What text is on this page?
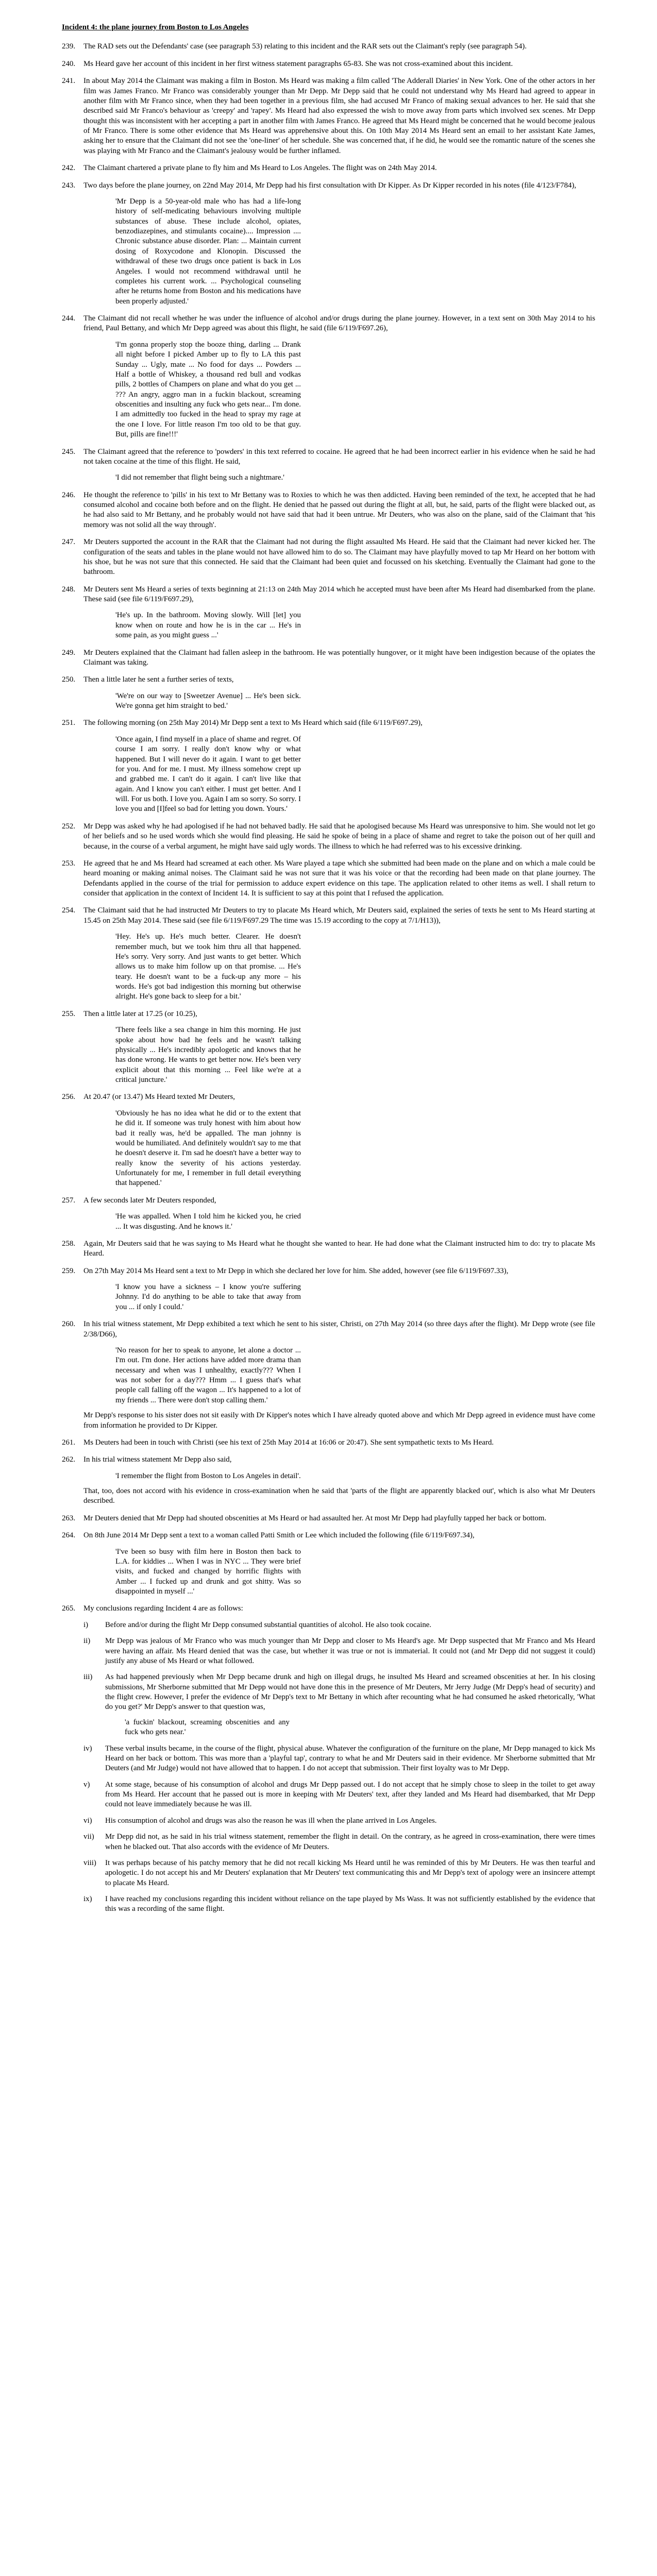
Incident 4: the plane journey from Boston to Los Angeles
239.	The RAD sets out the Defendants' case (see paragraph 53) relating to this incident and the RAR sets out the Claimant's reply (see paragraph 54).

240.	Ms Heard gave her account of this incident in her first witness statement paragraphs 65-83. She was not cross-examined about this incident.

241.	In about May 2014 the Claimant was making a film in Boston. Ms Heard was making a film called 'The Adderall Diaries' in New York. One of the other actors in her film was James Franco. Mr Franco was considerably younger than Mr Depp. Mr Depp said that he could not understand why Ms Heard had agreed to appear in another film with Mr Franco since, when they had been together in a previous film, she had accused Mr Franco of making sexual advances to her. He said that she described said Mr Franco's behaviour as 'creepy' and 'rapey'. Ms Heard had also expressed the wish to move away from parts which involved sex scenes. Mr Depp thought this was inconsistent with her accepting a part in another film with James Franco. He agreed that Ms Heard might be concerned that he would become jealous of Mr Franco. There is some other evidence that Ms Heard was apprehensive about this. On 10th May 2014 Ms Heard sent an email to her assistant Kate James, asking her to ensure that the Claimant did not see the 'one-liner' of her schedule. She was concerned that, if he did, he would see the romantic nature of the scenes she was playing with Mr Franco and the Claimant's jealousy would be further inflamed.

242.	The Claimant chartered a private plane to fly him and Ms Heard to Los Angeles. The flight was on 24th May 2014.

243.	Two days before the plane journey, on 22nd May 2014, Mr Depp had his first consultation with Dr Kipper. As Dr Kipper recorded in his notes (file 4/123/F784),

'Mr Depp is a 50-year-old male who has had a life-long history of self-medicating behaviours involving multiple substances of abuse. These include alcohol, opiates, benzodiazepines, and stimulants cocaine).... Impression .... Chronic substance abuse disorder. Plan: ... Maintain current dosing of Roxycodone and Klonopin. Discussed the withdrawal of these two drugs once patient is back in Los Angeles. I would not recommend withdrawal until he completes his current work. ... Psychological counseling after he returns home from Boston and his medications have been properly adjusted.'
244.	The Claimant did not recall whether he was under the influence of alcohol and/or drugs during the plane journey. However, in a text sent on 30th May 2014 to his friend, Paul Bettany, and which Mr Depp agreed was about this flight, he said (file 6/119/F697.26),

'I'm gonna properly stop the booze thing, darling ... Drank all night before I picked Amber up to fly to LA this past Sunday ... Ugly, mate ... No food for days ... Powders ... Half a bottle of Whiskey, a thousand red bull and vodkas pills, 2 bottles of Champers on plane and what do you get ... ??? An angry, aggro man in a fuckin blackout, screaming obscenities and insulting any fuck who gets near... I'm done. I am admittedly too fucked in the head to spray my rage at the one I love. For little reason I'm too old to be that guy. But, pills are fine!!!'
245.	The Claimant agreed that the reference to 'powders' in this text referred to cocaine. He agreed that he had been incorrect earlier in his evidence when he said he had not taken cocaine at the time of this flight. He said,

'I did not remember that flight being such a nightmare.'
246.	He thought the reference to 'pills' in his text to Mr Bettany was to Roxies to which he was then addicted. Having been reminded of the text, he accepted that he had consumed alcohol and cocaine both before and on the flight. He denied that he passed out during the flight at all, but, he said, parts of the flight were blacked out, as he had also said to Mr Bettany, and he probably would not have said that had it been untrue. Mr Deuters, who was also on the plane, said of the Claimant that 'his memory was not solid all the way through'.

247.	Mr Deuters supported the account in the RAR that the Claimant had not during the flight assaulted Ms Heard. He said that the Claimant had never kicked her. The configuration of the seats and tables in the plane would not have allowed him to do so. The Claimant may have playfully moved to tap Mr Heard on her bottom with his shoe, but he was not sure that this connected. He said that the Claimant had been quiet and focussed on his sketching. Eventually the Claimant had gone to the bathroom.

248.	Mr Deuters sent Ms Heard a series of texts beginning at 21:13 on 24th May 2014 which he accepted must have been after Ms Heard had disembarked from the plane. These said (see file 6/119/F697.29),

'He's up. In the bathroom. Moving slowly. Will [let] you know when on route and how he is in the car ... He's in some pain, as you might guess ...'
249.	Mr Deuters explained that the Claimant had fallen asleep in the bathroom. He was potentially hungover, or it might have been indigestion because of the opiates the Claimant was taking.

250.	Then a little later he sent a further series of texts,

'We're on our way to [Sweetzer Avenue] ... He's been sick. We're gonna get him straight to bed.'
251.	The following morning (on 25th May 2014) Mr Depp sent a text to Ms Heard which said (file 6/119/F697.29),

'Once again, I find myself in a place of shame and regret. Of course I am sorry. I really don't know why or what happened. But I will never do it again. I want to get better for you. And for me. I must. My illness somehow crept up and grabbed me. I can't do it again. I can't live like that again. And I know you can't either. I must get better. And I will. For us both. I love you. Again I am so sorry. So sorry. I love you and [I]feel so bad for letting you down. Yours.'
252.	Mr Depp was asked why he had apologised if he had not behaved badly. He said that he apologised because Ms Heard was unresponsive to him. She would not let go of her beliefs and so he used words which she would find pleasing. He said he spoke of being in a place of shame and regret to take the poison out of her quill and because, in the course of a verbal argument, he might have said ugly words. The illness to which he had referred was to his excessive drinking.

253.	He agreed that he and Ms Heard had screamed at each other. Ms Ware played a tape which she submitted had been made on the plane and on which a male could be heard moaning or making animal noises. The Claimant said he was not sure that it was his voice or that the recording had been made on that plane journey. The Defendants applied in the course of the trial for permission to adduce expert evidence on this tape. The application related to other items as well. I shall return to consider that application in the context of Incident 14. It is sufficient to say at this point that I refused the application.

254.	The Claimant said that he had instructed Mr Deuters to try to placate Ms Heard which, Mr Deuters said, explained the series of texts he sent to Ms Heard starting at 15.45 on 25th May 2014. These said (see file 6/119/F697.29 The time was 15.19 according to the copy at 7/1/H13)),

'Hey. He's up. He's much better. Clearer. He doesn't remember much, but we took him thru all that happened. He's sorry. Very sorry. And just wants to get better. Which allows us to make him follow up on that promise. ... He's teary. He doesn't want to be a fuck-up any more – his words. He's got bad indigestion this morning but otherwise alright. He's gone back to sleep for a bit.'
255.	Then a little later at 17.25 (or 10.25),

'There feels like a sea change in him this morning. He just spoke about how bad he feels and he wasn't talking physically ... He's incredibly apologetic and knows that he has done wrong. He wants to get better now. He's been very explicit about that this morning ... Feel like we're at a critical juncture.'
256.	At 20.47 (or 13.47) Ms Heard texted Mr Deuters,

'Obviously he has no idea what he did or to the extent that he did it. If someone was truly honest with him about how bad it really was, he'd be appalled. The man johnny is would be humiliated. And definitely wouldn't say to me that he doesn't deserve it. I'm sad he doesn't have a better way to really know the severity of his actions yesterday. Unfortunately for me, I remember in full detail everything that happened.'
257.	A few seconds later Mr Deuters responded,

'He was appalled. When I told him he kicked you, he cried ... It was disgusting. And he knows it.'
258.	Again, Mr Deuters said that he was saying to Ms Heard what he thought she wanted to hear. He had done what the Claimant instructed him to do: try to placate Ms Heard.

259.	On 27th May 2014 Ms Heard sent a text to Mr Depp in which she declared her love for him. She added, however (see file 6/119/F697.33),

'I know you have a sickness – I know you're suffering Johnny. I'd do anything to be able to take that away from you ... if only I could.'
260.	In his trial witness statement, Mr Depp exhibited a text which he sent to his sister, Christi, on 27th May 2014 (so three days after the flight). Mr Depp wrote (see file 2/38/D66),

'No reason for her to speak to anyone, let alone a doctor ... I'm out. I'm done. Her actions have added more drama than necessary and when was I unhealthy, exactly??? When I was not sober for a day??? Hmm ... I guess that's what people call falling off the wagon ... It's happened to a lot of my friends ... There were don't stop calling them.'
Mr Depp's response to his sister does not sit easily with Dr Kipper's notes which I have already quoted above and which Mr Depp agreed in evidence must have come from information he provided to Dr Kipper.
261.	Ms Deuters had been in touch with Christi (see his text of 25th May 2014 at 16:06 or 20:47). She sent sympathetic texts to Ms Heard.

262.	In his trial witness statement Mr Depp also said,

'I remember the flight from Boston to Los Angeles in detail'.
That, too, does not accord with his evidence in cross-examination when he said that 'parts of the flight are apparently blacked out', which is also what Mr Deuters described.
263.	Mr Deuters denied that Mr Depp had shouted obscenities at Ms Heard or had assaulted her. At most Mr Depp had playfully tapped her back or bottom.

264.	On 8th June 2014 Mr Depp sent a text to a woman called Patti Smith or Lee which included the following (file 6/119/F697.34),

'I've been so busy with film here in Boston then back to L.A. for kiddies ... When I was in NYC ... They were brief visits, and fucked and changed by horrific flights with Amber ... I fucked up and drunk and got shitty. Was so disappointed in myself ...'
265.	My conclusions regarding Incident 4 are as follows:

i)	Before and/or during the flight Mr Depp consumed substantial quantities of alcohol. He also took cocaine.
ii)	Mr Depp was jealous of Mr Franco who was much younger than Mr Depp and closer to Ms Heard's age. Mr Depp suspected that Mr Franco and Ms Heard were having an affair. Ms Heard denied that was the case, but whether it was true or not is immaterial. It could not (and Mr Depp did not suggest it could) justify any abuse of Ms Heard or what followed.
iii)	As had happened previously when Mr Depp became drunk and high on illegal drugs, he insulted Ms Heard and screamed obscenities at her. In his closing submissions, Mr Sherborne submitted that Mr Depp would not have done this in the presence of Mr Deuters, Mr Jerry Judge (Mr Depp's head of security) and the flight crew. However, I prefer the evidence of Mr Depp's text to Mr Bettany in which after recounting what he had consumed he asked rhetorically, 'What do you get?' Mr Depp's answer to that question was,
'a fuckin' blackout, screaming obscenities and any fuck who gets near.'
iv)	These verbal insults became, in the course of the flight, physical abuse. Whatever the configuration of the furniture on the plane, Mr Depp managed to kick Ms Heard on her back or bottom. This was more than a 'playful tap', contrary to what he and Mr Deuters said in their evidence. Mr Sherborne submitted that Mr Deuters (and Mr Judge) would not have allowed that to happen. I do not accept that submission. Their first loyalty was to Mr Depp.
v)	At some stage, because of his consumption of alcohol and drugs Mr Depp passed out. I do not accept that he simply chose to sleep in the toilet to get away from Ms Heard. Her account that he passed out is more in keeping with Mr Deuters' text, after they landed and Ms Heard had disembarked, that Mr Depp could not leave immediately because he was ill.
vi)	His consumption of alcohol and drugs was also the reason he was ill when the plane arrived in Los Angeles.
vii)	Mr Depp did not, as he said in his trial witness statement, remember the flight in detail. On the contrary, as he agreed in cross-examination, there were times when he blacked out. That also accords with the evidence of Mr Deuters.
viii)	It was perhaps because of his patchy memory that he did not recall kicking Ms Heard until he was reminded of this by Mr Deuters. He was then tearful and apologetic. I do not accept his and Mr Deuters' explanation that Mr Deuters' text communicating this and Mr Depp's text of apology were an insincere attempt to placate Ms Heard.
ix)	I have reached my conclusions regarding this incident without reliance on the tape played by Ms Wass. It was not sufficiently established by the evidence that this was a recording of the same flight.
